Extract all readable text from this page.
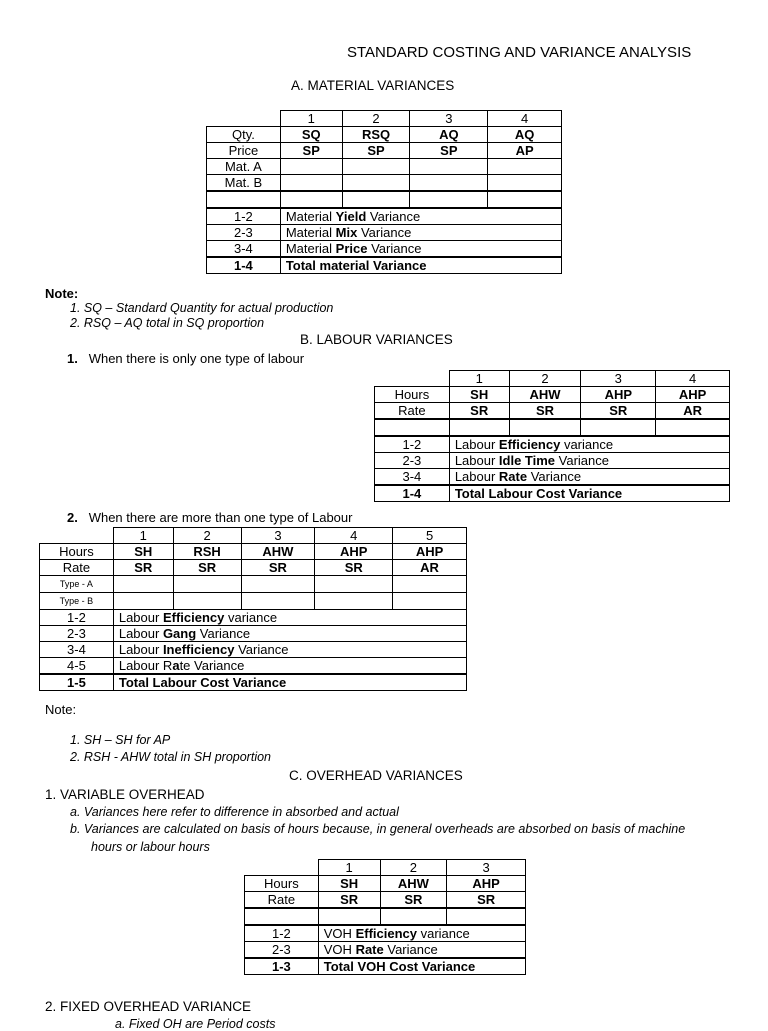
STANDARD COSTING AND VARIANCE ANALYSIS
A. MATERIAL VARIANCES
	1	2	3	4
Qty.	SQ	RSQ	AQ	AQ
Price	SP	SP	SP	AP
Mat. A				
Mat. B				

1-2	Material Yield Variance			
2-3	Material Mix Variance			
3-4	Material Price Variance			
1-4	Total material Variance			
Note:
1. SQ – Standard Quantity for actual production
2. RSQ – AQ total in SQ proportion
B. LABOUR VARIANCES
1. When there is only one type of labour
	1	2	3	4
Hours	SH	AHW	AHP	AHP
Rate	SR	SR	SR	AR

1-2	Labour Efficiency variance			
2-3	Labour Idle Time Variance			
3-4	Labour Rate Variance			
1-4	Total Labour Cost Variance			
2. When there are more than one type of Labour
	1	2	3	4	5
Hours	SH	RSH	AHW	AHP	AHP
Rate	SR	SR	SR	SR	AR
Type - A					
Type - B					
1-2	Labour Efficiency variance				
2-3	Labour Gang Variance				
3-4	Labour Inefficiency Variance				
4-5	Labour Rate Variance				
1-5	Total Labour Cost Variance				
Note:
1. SH – SH for AP
2. RSH - AHW total in SH proportion
C. OVERHEAD VARIANCES
1. VARIABLE OVERHEAD
a. Variances here refer to difference in absorbed and actual
b. Variances are calculated on basis of hours because, in general overheads are absorbed on basis of machine
hours or labour hours
	1	2	3
Hours	SH	AHW	AHP
Rate	SR	SR	SR

1-2	VOH Efficiency variance		
2-3	VOH Rate Variance		
1-3	Total VOH Cost Variance		
2. FIXED OVERHEAD VARIANCE
a. Fixed OH are Period costs
